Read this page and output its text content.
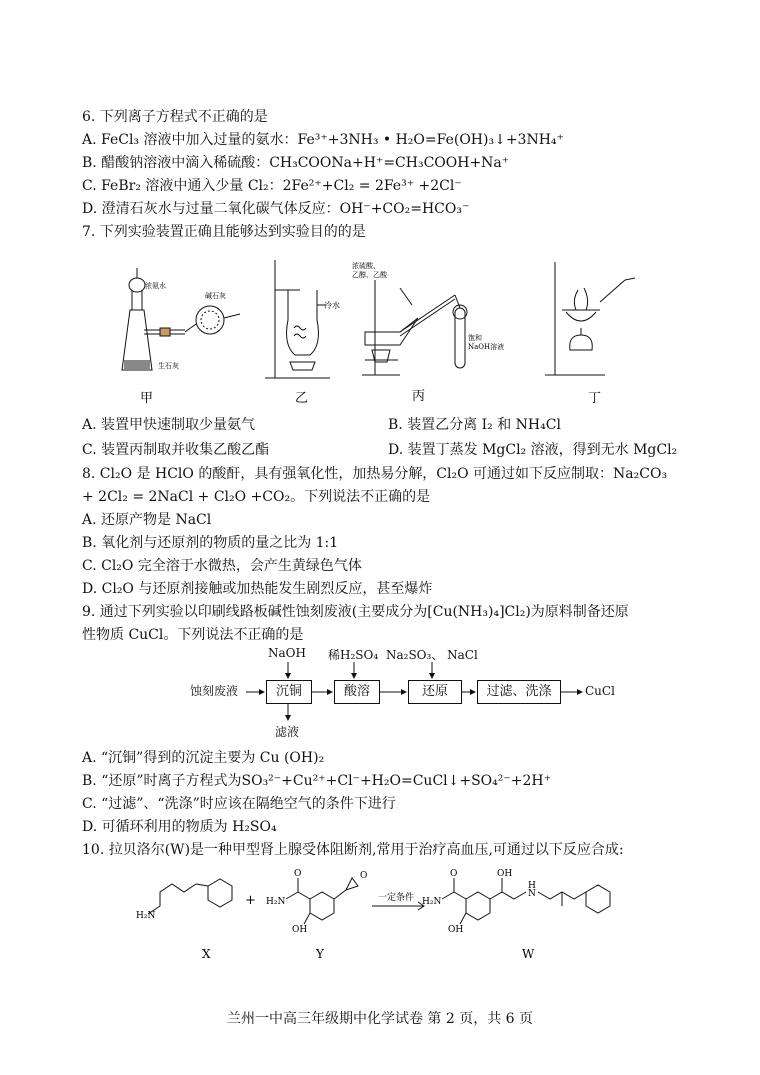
6. 下列离子方程式不正确的是
A. FeCl₃ 溶液中加入过量的氨水：Fe³⁺+3NH₃ • H₂O=Fe(OH)₃↓+3NH₄⁺
B. 醋酸钠溶液中滴入稀硫酸：CH₃COONa+H⁺=CH₃COOH+Na⁺
C. FeBr₂ 溶液中通入少量 Cl₂：2Fe²⁺+Cl₂ = 2Fe³⁺ +2Cl⁻
D. 澄清石灰水与过量二氧化碳气体反应：OH⁻+CO₂=HCO₃⁻
7. 下列实验装置正确且能够达到实验目的的是
浓氨水
碱石灰
生石灰
甲
冷水
乙
浓硫酸、
乙醇、乙酸
饱和
NaOH溶液
丙	丁
A. 装置甲快速制取少量氨气	B. 装置乙分离 I₂ 和 NH₄Cl
C. 装置丙制取并收集乙酸乙酯	D. 装置丁蒸发 MgCl₂ 溶液，得到无水 MgCl₂
8. Cl₂O 是 HClO 的酸酐，具有强氧化性，加热易分解，Cl₂O 可通过如下反应制取：Na₂CO₃
+ 2Cl₂ = 2NaCl + Cl₂O +CO₂。下列说法不正确的是
A. 还原产物是 NaCl
B. 氧化剂与还原剂的物质的量之比为 1:1
C. Cl₂O 完全溶于水微热，会产生黄绿色气体
D. Cl₂O 与还原剂接触或加热能发生剧烈反应，甚至爆炸
9. 通过下列实验以印刷线路板碱性蚀刻废液(主要成分为[Cu(NH₃)₄]Cl₂)为原料制备还原
性物质 CuCl。下列说法不正确的是
蚀刻废液	沉铜	酸溶	还原	过滤、洗涤	CuCl
NaOH 稀H₂SO₄ Na₂SO₃、 NaCl
滤液
A. “沉铜”得到的沉淀主要为 Cu (OH)₂
B. “还原”时离子方程式为SO₃²⁻+Cu²⁺+Cl⁻+H₂O=CuCl↓+SO₄²⁻+2H⁺
C. “过滤”、“洗涤”时应该在隔绝空气的条件下进行
D. 可循环利用的物质为 H₂SO₄
10. 拉贝洛尔(W)是一种甲型肾上腺受体阻断剂,常用于治疗高血压,可通过以下反应合成:
H₂N
+
O
H₂N
OH
O
一定条件
O
H₂N
OH
OH
H
N
X	Y	W
兰州一中高三年级期中化学试卷 第 2 页，共 6 页
